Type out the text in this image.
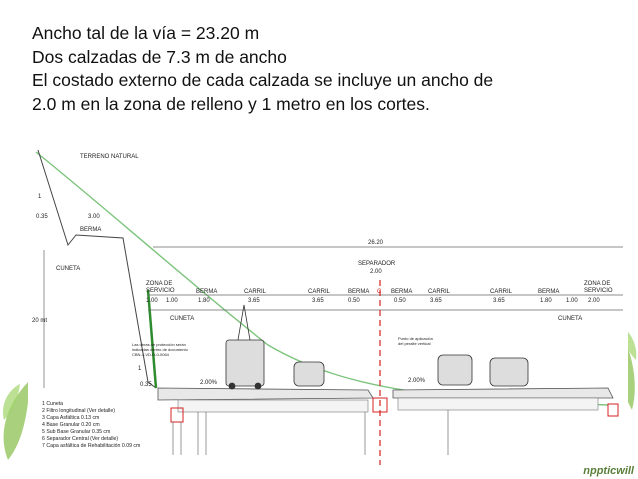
Ancho tal de la vía = 23.20 m
Dos calzadas de 7.3 m de ancho
El costado externo de cada calzada se incluye un ancho de
2.0 m en la zona de relleno y 1 metro en los cortes.
TERRENO NATURAL
1
0.35	3.00
BERMA
CUNETA
26.20
20 mt
SEPARADOR
2.00
ZONA DE
SERVICIO
ZONA DE
SERVICIO
BERMA	CARRIL	CARRIL	BERMA	BERMA	CARRIL	CARRIL	BERMA
C
1.00 1.00	1.80	3.65	3.65	0.50	0.50	3.65	3.65	1.80 1.00 2.00
CUNETA	CUNETA
Las obras de protección serán
indicadas dentro de documento
CBN-4-VD-D-0-0064
Punto de aplicación
del peralte vertical
1
0.35	2.00%	2.00%
1 Cuneta
2 Filtro longitudinal (Ver detalle)
3 Capa Asfáltica 0.13 cm
4 Base Granular 0.20 cm
5 Sub Base Granular 0.35 cm
6 Separador Central (Ver detalle)
7 Capa asfáltica de Rehabilitación 0.09 cm
nppticwill
